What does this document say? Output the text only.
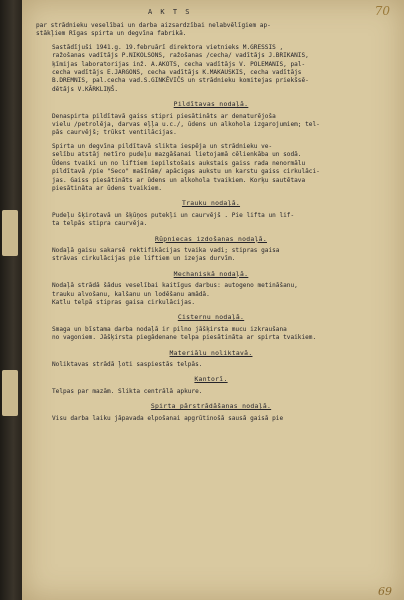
A K T S	70
par strādnieku veselībai un darba aizsardzībai nelabvēlīgiem ap-
stākļiem Rīgas spirta un degvīna fabrikā.
Sastādījuši 1941.g. 19.februārī direktora vietnieks M.GRESSIS ,
ražošanas vadītājs P.NIKOLSONS, ražošanas /cecha/ vadītājs J.BRIKANIS,
ķīmijas laboratorijas inž. A.AKOTS, cecha vadītājs V. POLEMANIS, pal-
cecha vadītājs E.JARGONS, cecha vadītājs K.MAKAUSKIS, cecha vadītājs
B.DREMNIS, pal.cecha vad.S.GINKĒVIČS un strādnieku komitejas priekšsē-
dētājs V.KĀRKLIŅŠ.
Pildītavas nodaļā.
Denaspirta pildītavā gaiss stipri piesātināts ar denaturējoša
vielu /petrolēja, darvas eļļa u.c./, ūdens un alkohola izgarojumiem; tel-
pās caurvējš; trūkst ventilācijas.
Spirta un degvīna pildītavā slikta iespēja un strādnieku ve-
selību atstāj netīro pudeļu mazgāšanai lietojamā cēlienkāba un sodā.
Ūdens tvaiki un no liftiem iepilstošais aukstais gaiss rada nenormālu
pildītavā /pie "Seco" mašīnām/ apācigas aukstu un karstu gaiss cirkulāci-
jas. Gaiss piesātināts ar ūdens un alkohola tvaikiem. Korķu sautētava
piesātināta ar ūdens tvaikiem.
Trauku nodaļā.
Pudeļu šķirotavā un šķūņos putekļi un caurvējš . Pie lifta un lif-
ta telpās stipra caurvēja.
Rūpniecas izdošanas nodaļā.
Nodaļā gaisu sakarsē rektifikācijas tvaika vadi; stipras gaisa
strāvas cirkulācijas pie liftiem un izejas durvīm.
Mechaniskā nodaļā.
Nodaļā strādā šādus veselībai kaitīgus darbus: autogeno metināšanu,
trauku alvošanu, kalšanu un lodēšanu amādā.
Katlu telpā stipras gaisa cirkulācijas.
Cisternu nodaļā.
Smaga un bīstama darba nodaļā ir pilno jāšķirsta mucu izkraušana
no vagoniem. Jāšķirsta piegādenane telpa piesātināta ar spirta tvaikiem.
Materiālu noliktavā.
Noliktavas strādā ļoti saspiestās telpās.
Kantorī.
Telpas par mazām. Slikta centrālā apkure.
Spirta pārstrādāšanas nodaļā.
Visu darba laiku jāpavada elpošanai apgrūtinošā sausā gaisā pie
69
